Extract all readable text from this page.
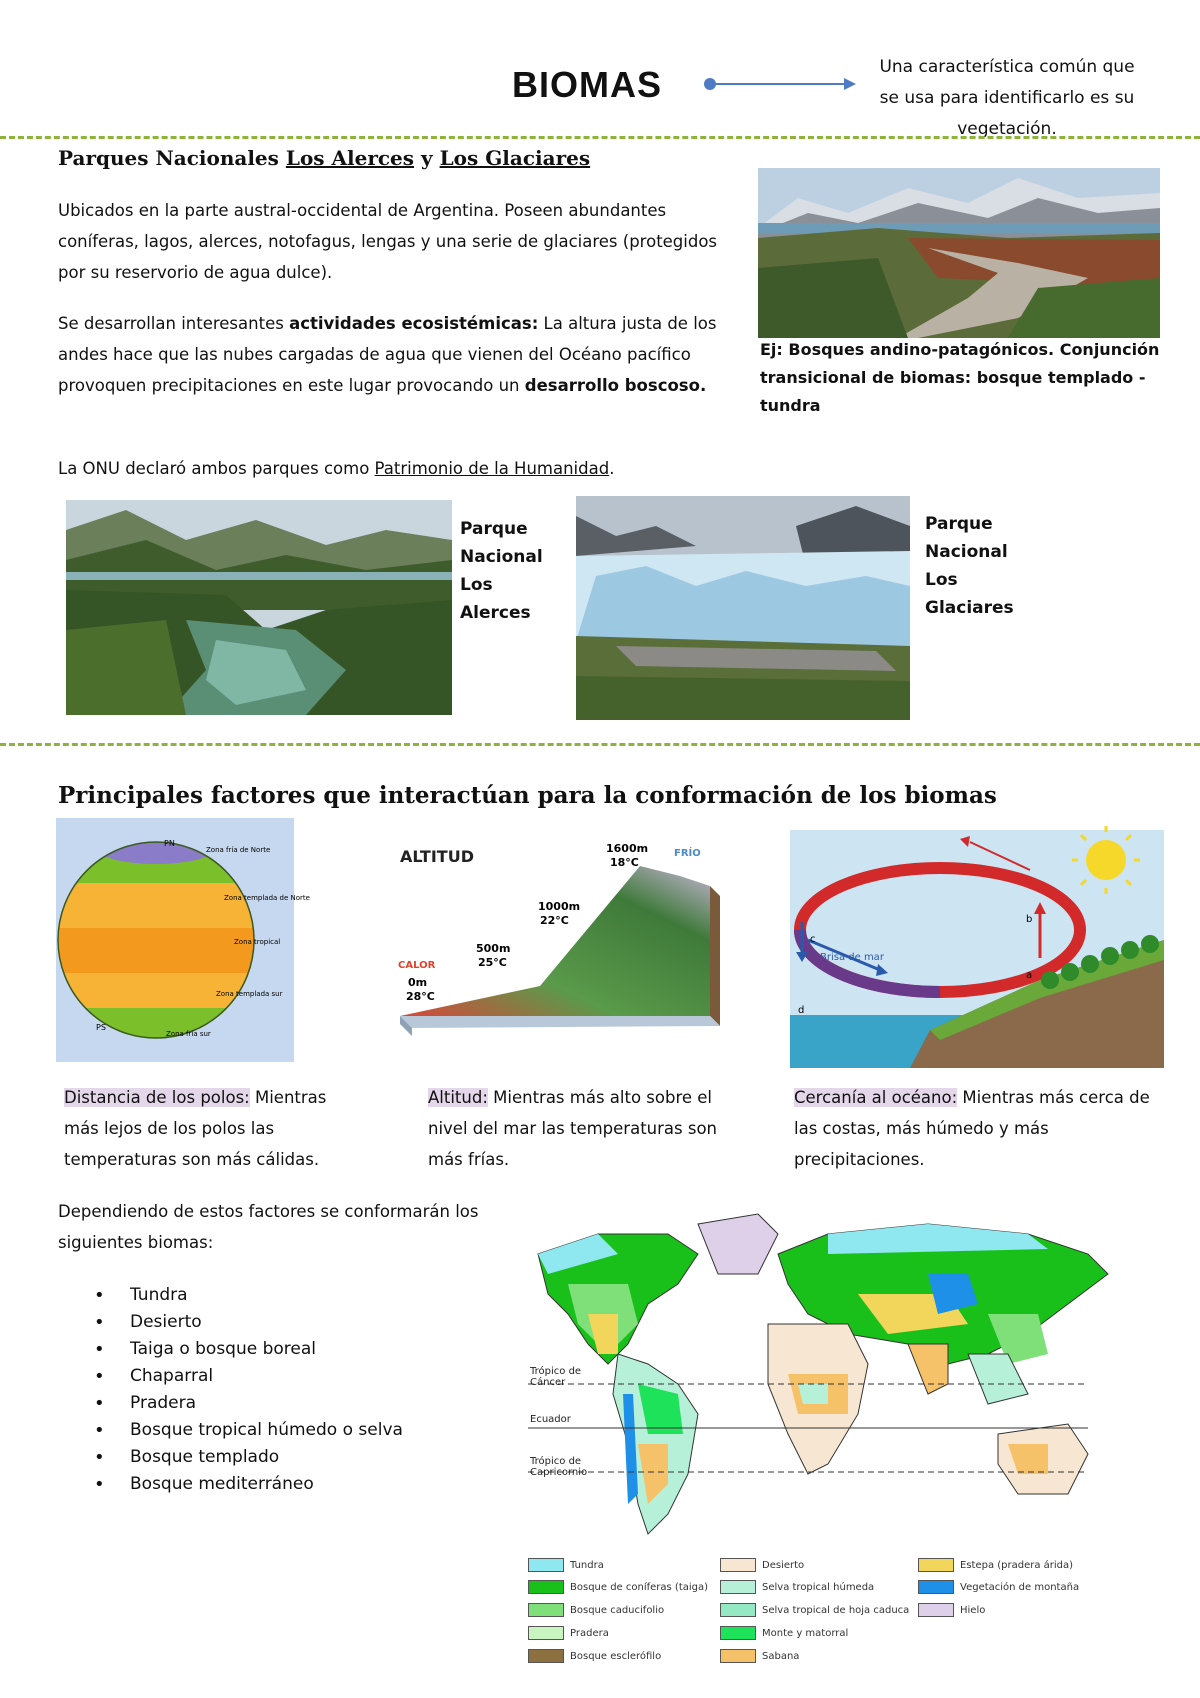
BIOMAS	Una característica común que se usa para identificarlo es su vegetación.
Parques Nacionales Los Alerces y Los Glaciares
Ubicados en la parte austral-occidental de Argentina. Poseen abundantes coníferas, lagos, alerces, notofagus, lengas y una serie de glaciares (protegidos por su reservorio de agua dulce).
Se desarrollan interesantes actividades ecosistémicas: La altura justa de los andes hace que las nubes cargadas de agua que vienen del Océano pacífico provoquen precipitaciones en este lugar provocando un desarrollo boscoso.
La ONU declaró ambos parques como Patrimonio de la Humanidad.
Ej: Bosques andino-patagónicos. Conjunción transicional de biomas: bosque templado - tundra
Parque Nacional Los Alerces
Parque Nacional Los Glaciares
Principales factores que interactúan para la conformación de los biomas
PN
Zona fría de Norte
Zona templada de Norte
Zona tropical
Zona templada sur
Zona fría sur
PS
ALTITUD	FRÍO
1600m
18°C
1000m
22°C
500m
25°C
CALOR
0m
28°C
Brisa de mar
a
b
c
d
Distancia de los polos: Mientras más lejos de los polos las temperaturas son más cálidas.
Altitud: Mientras más alto sobre el nivel del mar las temperaturas son más frías.
Cercanía al océano: Mientras más cerca de las costas, más húmedo y más precipitaciones.
Dependiendo de estos factores se conformarán los siguientes biomas:
• Tundra
• Desierto
• Taiga o bosque boreal
• Chaparral
• Pradera
• Bosque tropical húmedo o selva
• Bosque templado
• Bosque mediterráneo
Trópico de Cáncer
Ecuador
Trópico de Capricornio
Tundra
Bosque de coníferas (taiga)
Bosque caducifolio
Pradera
Bosque esclerófilo
Desierto
Selva tropical húmeda
Selva tropical de hoja caduca
Monte y matorral
Sabana
Estepa (pradera árida)
Vegetación de montaña
Hielo
